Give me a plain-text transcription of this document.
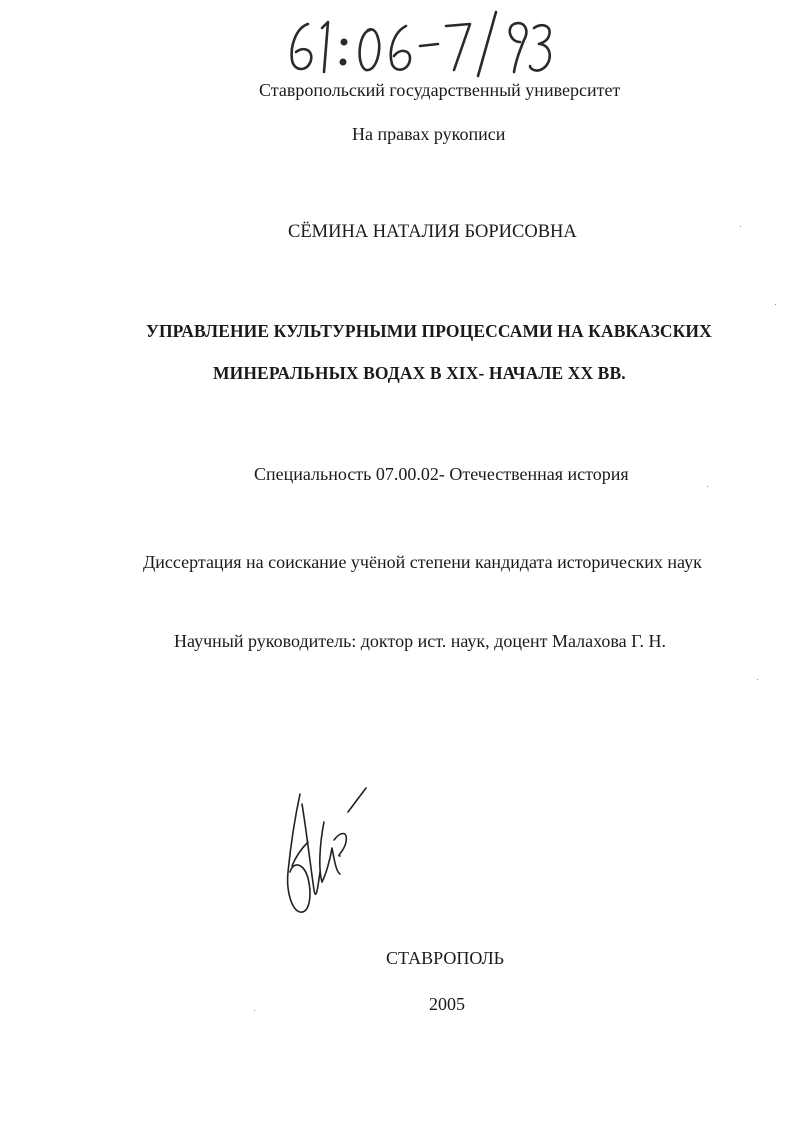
Ставропольский государственный университет
На правах рукописи
СЁМИНА НАТАЛИЯ БОРИСОВНА
УПРАВЛЕНИЕ КУЛЬТУРНЫМИ ПРОЦЕССАМИ НА КАВКАЗСКИХ
МИНЕРАЛЬНЫХ ВОДАХ В XIX- НАЧАЛЕ XX ВВ.
Специальность 07.00.02- Отечественная история
Диссертация на соискание учёной степени кандидата исторических наук
Научный руководитель: доктор ист. наук, доцент Малахова Г. Н.
СТАВРОПОЛЬ
2005
